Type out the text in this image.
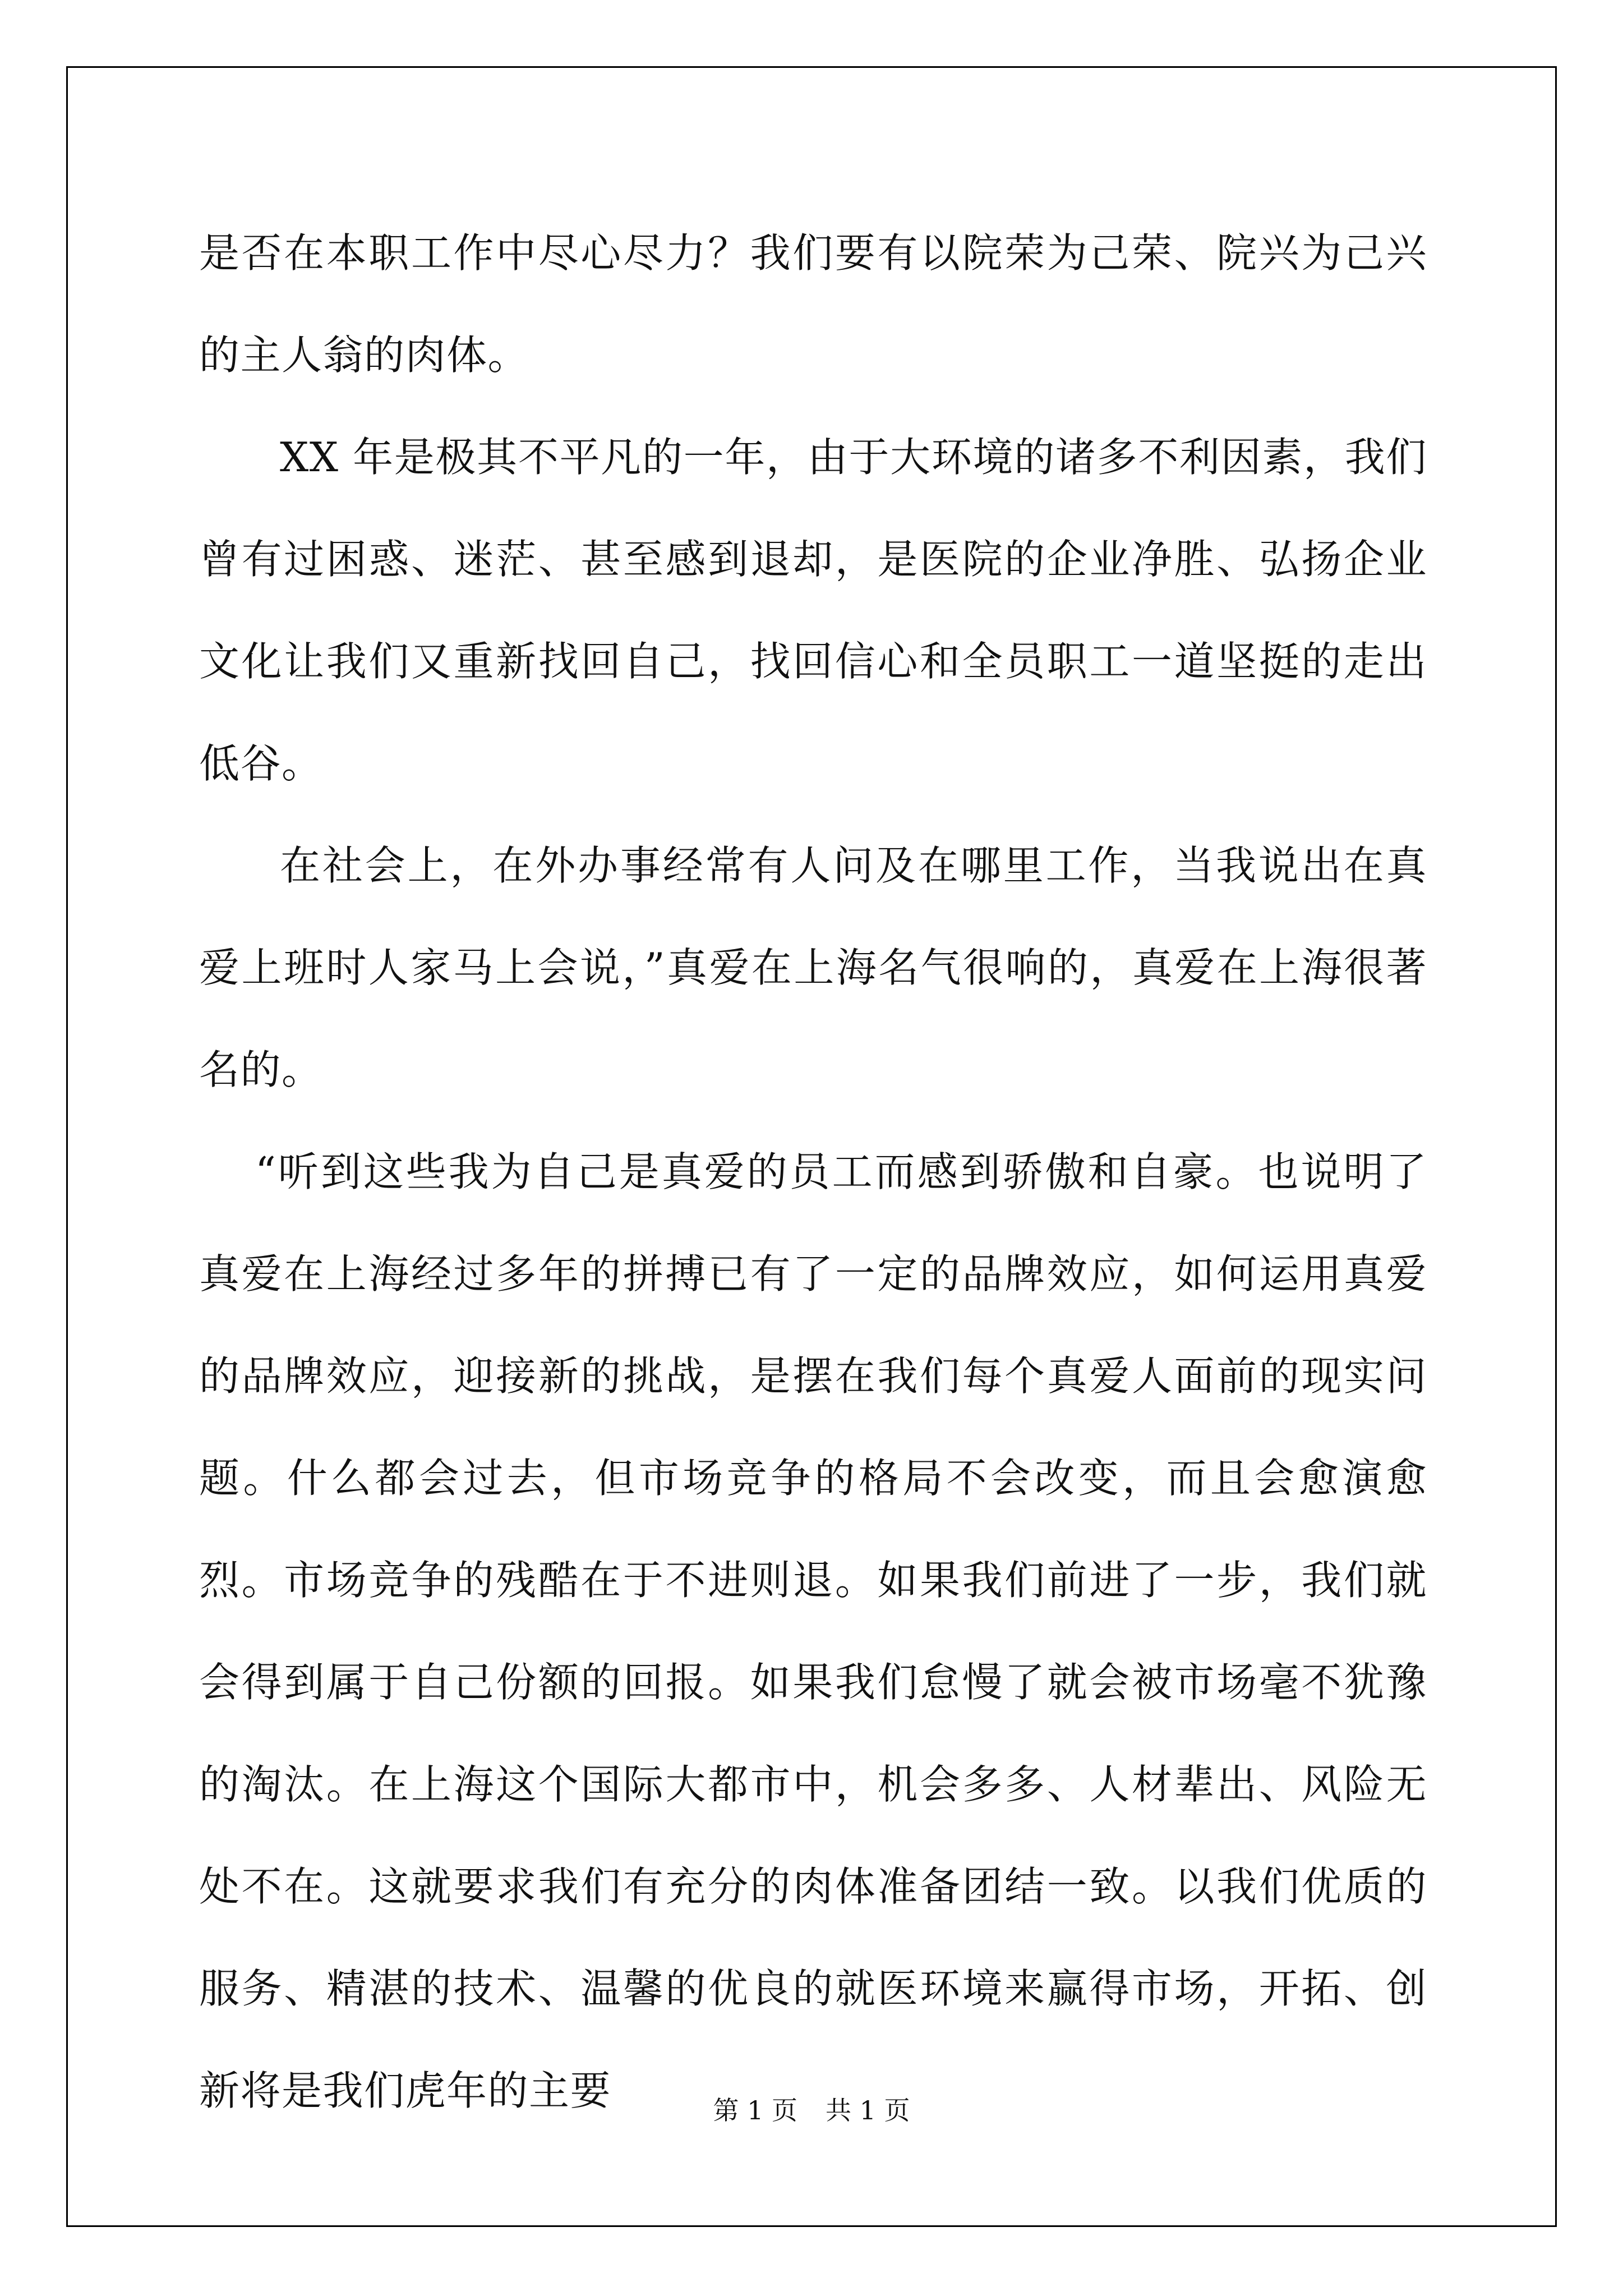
是否在本职工作中尽心尽力？我们要有以院荣为己荣、院兴为己兴的主人翁的肉体。

XX 年是极其不平凡的一年，由于大环境的诸多不利因素，我们曾有过困惑、迷茫、甚至感到退却，是医院的企业净胜、弘扬企业文化让我们又重新找回自己，找回信心和全员职工一道坚挺的走出低谷。

在社会上，在外办事经常有人问及在哪里工作，当我说出在真爱上班时人家马上会说，”真爱在上海名气很响的，真爱在上海很著名的。

“听到这些我为自己是真爱的员工而感到骄傲和自豪。也说明了真爱在上海经过多年的拼搏已有了一定的品牌效应，如何运用真爱的品牌效应，迎接新的挑战，是摆在我们每个真爱人面前的现实问题。什么都会过去，但市场竞争的格局不会改变，而且会愈演愈烈。市场竞争的残酷在于不进则退。如果我们前进了一步，我们就会得到属于自己份额的回报。如果我们怠慢了就会被市场毫不犹豫的淘汰。在上海这个国际大都市中，机会多多、人材辈出、风险无处不在。这就要求我们有充分的肉体准备团结一致。以我们优质的服务、精湛的技术、温馨的优良的就医环境来赢得市场，开拓、创新将是我们虎年的主要	第 1 页 共 1 页
